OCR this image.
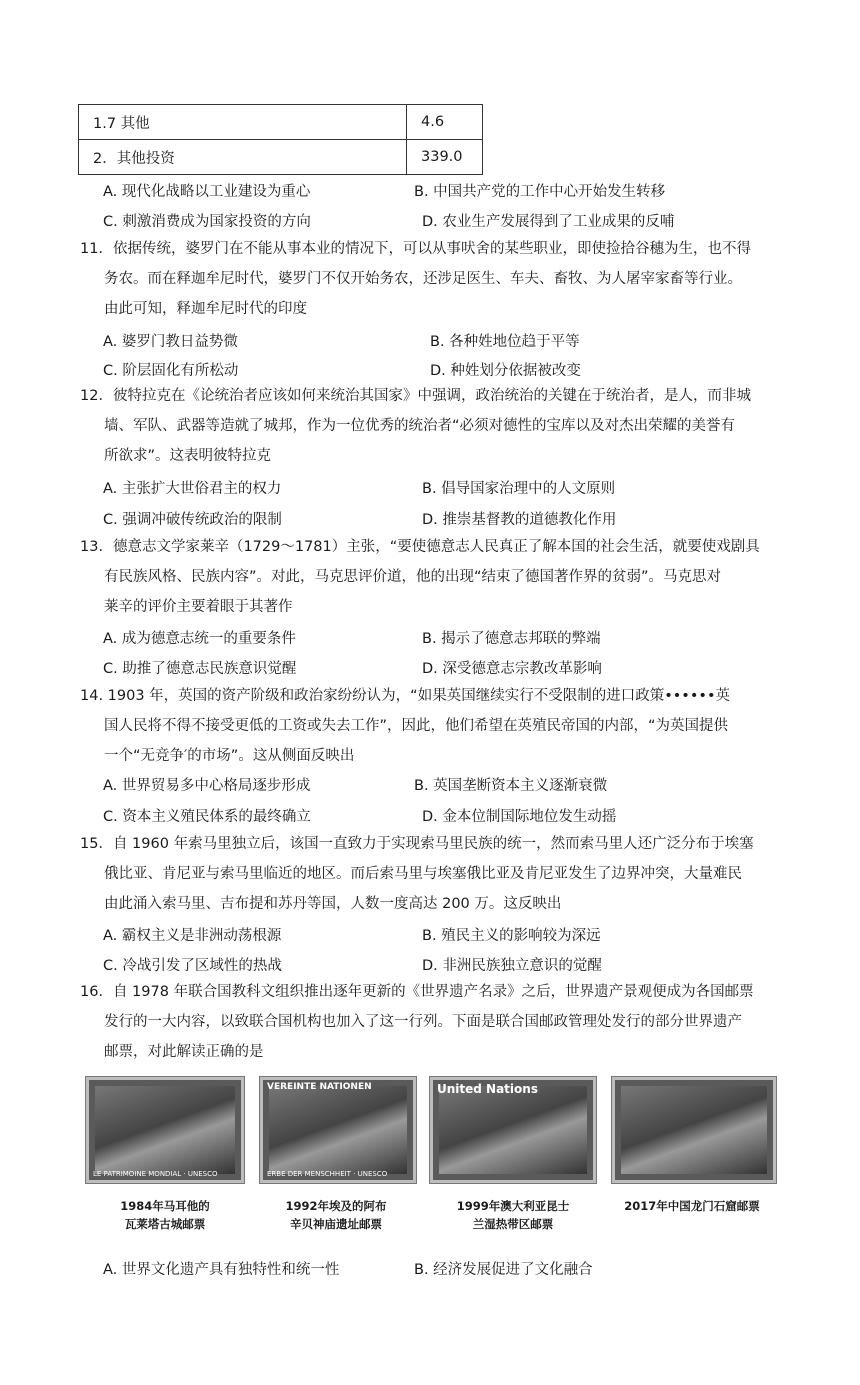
1.7 其他	4.6
2．其他投资	339.0
A. 现代化战略以工业建设为重心	B. 中国共产党的工作中心开始发生转移
C. 刺激消费成为国家投资的方向	D. 农业生产发展得到了工业成果的反哺
11．依据传统，婆罗门在不能从事本业的情况下，可以从事吠舍的某些职业，即使捡拾谷穗为生，也不得
务农。而在释迦牟尼时代，婆罗门不仅开始务农，还涉足医生、车夫、畜牧、为人屠宰家畜等行业。
由此可知，释迦牟尼时代的印度
A. 婆罗门教日益势微	B. 各种姓地位趋于平等
C. 阶层固化有所松动	D. 种姓划分依据被改变
12．彼特拉克在《论统治者应该如何来统治其国家》中强调，政治统治的关键在于统治者，是人，而非城
墙、军队、武器等造就了城邦，作为一位优秀的统治者“必须对德性的宝库以及对杰出荣耀的美誉有
所欲求”。这表明彼特拉克
A. 主张扩大世俗君主的权力	B. 倡导国家治理中的人文原则
C. 强调冲破传统政治的限制	D. 推崇基督教的道德教化作用
13．德意志文学家莱辛（1729～1781）主张，“要使德意志人民真正了解本国的社会生活，就要使戏剧具
有民族风格、民族内容”。对此，马克思评价道，他的出现“结束了德国著作界的贫弱”。马克思对
莱辛的评价主要着眼于其著作
A. 成为德意志统一的重要条件	B. 揭示了德意志邦联的弊端
C. 助推了德意志民族意识觉醒	D. 深受德意志宗教改革影响
14. 1903 年，英国的资产阶级和政治家纷纷认为，“如果英国继续实行不受限制的进口政策••••••英
国人民将不得不接受更低的工资或失去工作”，因此，他们希望在英殖民帝国的内部，“为英国提供
一个“无竞争′的市场”。这从侧面反映出
A. 世界贸易多中心格局逐步形成	B. 英国垄断资本主义逐渐衰微
C. 资本主义殖民体系的最终确立	D. 金本位制国际地位发生动摇
15．自 1960 年索马里独立后，该国一直致力于实现索马里民族的统一，然而索马里人还广泛分布于埃塞
俄比亚、肯尼亚与索马里临近的地区。而后索马里与埃塞俄比亚及肯尼亚发生了边界冲突，大量难民
由此涌入索马里、吉布提和苏丹等国，人数一度高达 200 万。这反映出
A. 霸权主义是非洲动荡根源	B. 殖民主义的影响较为深远
C. 冷战引发了区域性的热战	D. 非洲民族独立意识的觉醒
16．自 1978 年联合国教科文组织推出逐年更新的《世界遗产名录》之后，世界遗产景观便成为各国邮票
发行的一大内容，以致联合国机构也加入了这一行列。下面是联合国邮政管理处发行的部分世界遗产
邮票，对此解读正确的是
LE PATRIMOINE MONDIAL · UNESCO
VEREINTE NATIONEN
ERBE DER MENSCHHEIT · UNESCO
United Nations
1984年马耳他的
瓦莱塔古城邮票
1992年埃及的阿布
辛贝神庙遗址邮票
1999年澳大利亚昆士
兰湿热带区邮票
2017年中国龙门石窟邮票
A. 世界文化遗产具有独特性和统一性	B. 经济发展促进了文化融合
